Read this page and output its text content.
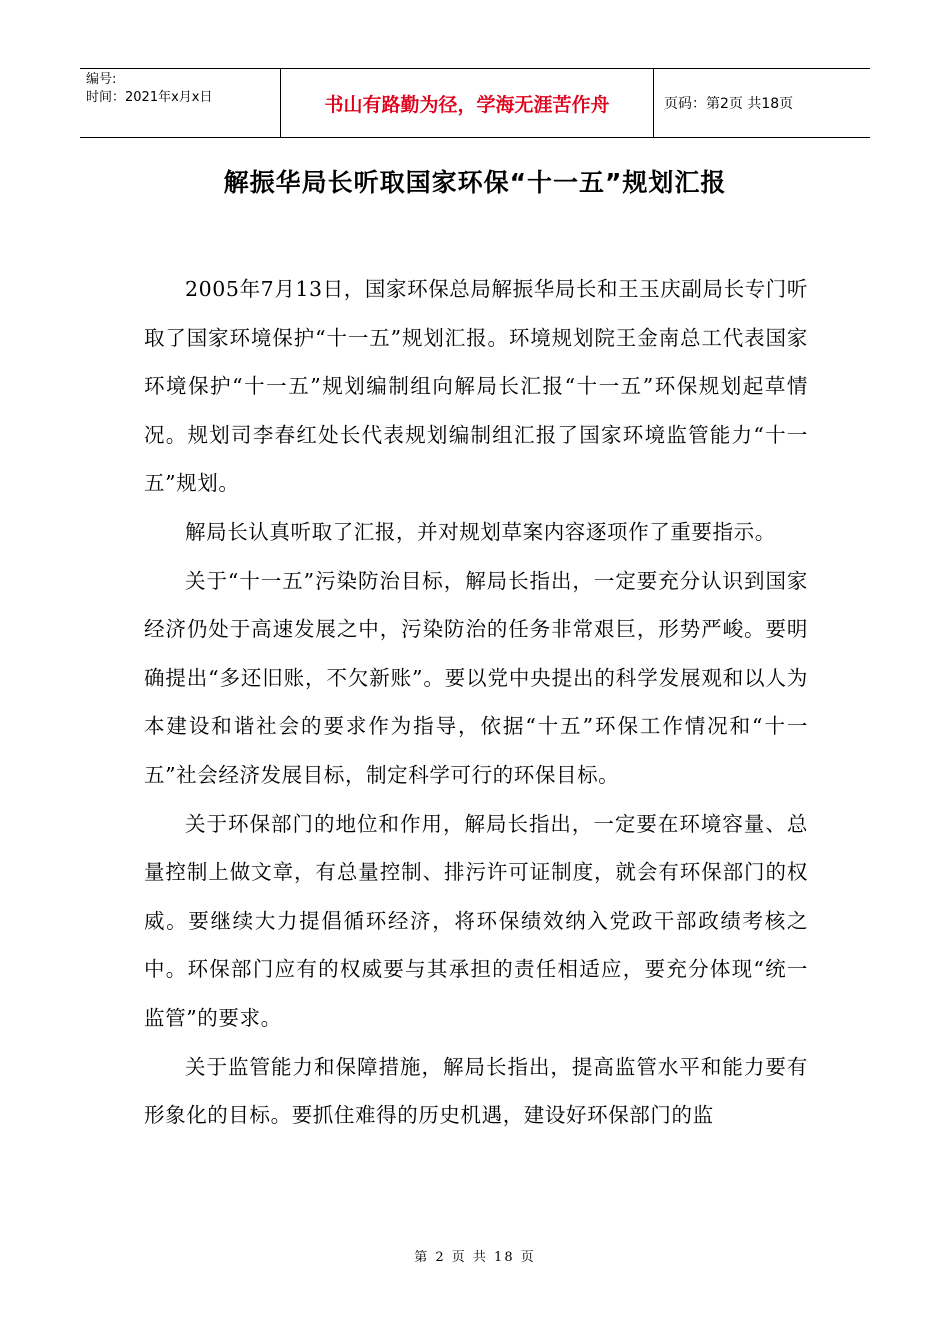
编号:
时间：2021年x月x日	书山有路勤为径，学海无涯苦作舟	页码：第2页 共18页
解振华局长听取国家环保“十一五”规划汇报

2005年7月13日，国家环保总局解振华局长和王玉庆副局长专门听取了国家环境保护“十一五”规划汇报。环境规划院王金南总工代表国家环境保护“十一五”规划编制组向解局长汇报“十一五”环保规划起草情况。规划司李春红处长代表规划编制组汇报了国家环境监管能力“十一五”规划。

解局长认真听取了汇报，并对规划草案内容逐项作了重要指示。

关于“十一五”污染防治目标，解局长指出，一定要充分认识到国家经济仍处于高速发展之中，污染防治的任务非常艰巨，形势严峻。要明确提出“多还旧账，不欠新账”。要以党中央提出的科学发展观和以人为本建设和谐社会的要求作为指导，依据“十五”环保工作情况和“十一五”社会经济发展目标，制定科学可行的环保目标。

关于环保部门的地位和作用，解局长指出，一定要在环境容量、总量控制上做文章，有总量控制、排污许可证制度，就会有环保部门的权威。要继续大力提倡循环经济，将环保绩效纳入党政干部政绩考核之中。环保部门应有的权威要与其承担的责任相适应，要充分体现“统一监管”的要求。

关于监管能力和保障措施，解局长指出，提高监管水平和能力要有形象化的目标。要抓住难得的历史机遇，建设好环保部门的监

第 2 页 共 18 页
